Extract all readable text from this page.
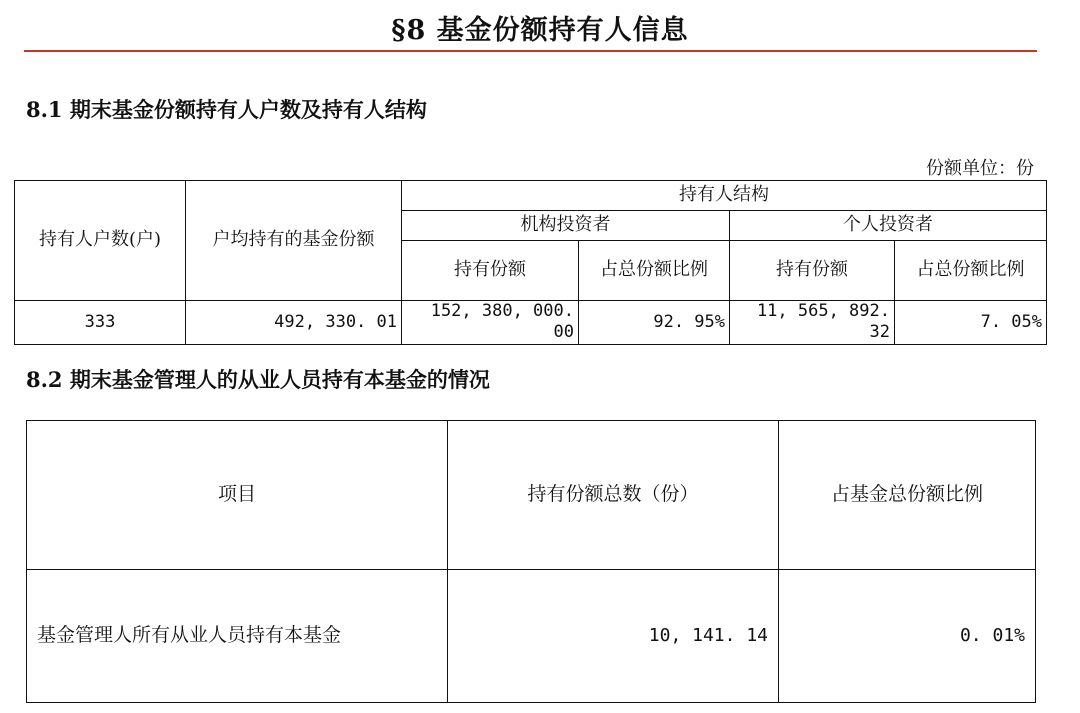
§8 基金份额持有人信息
8.1 期末基金份额持有人户数及持有人结构
份额单位：份
持有人户数(户)	户均持有的基金份额	持有人结构			
		机构投资者		个人投资者	
		持有份额	占总份额比例	持有份额	占总份额比例
333	492, 330. 01	152, 380, 000. 00	92. 95%	11, 565, 892. 32	7. 05%
8.2 期末基金管理人的从业人员持有本基金的情况
项目	持有份额总数（份）	占基金总份额比例
基金管理人所有从业人员持有本基金	10, 141. 14	0. 01%
